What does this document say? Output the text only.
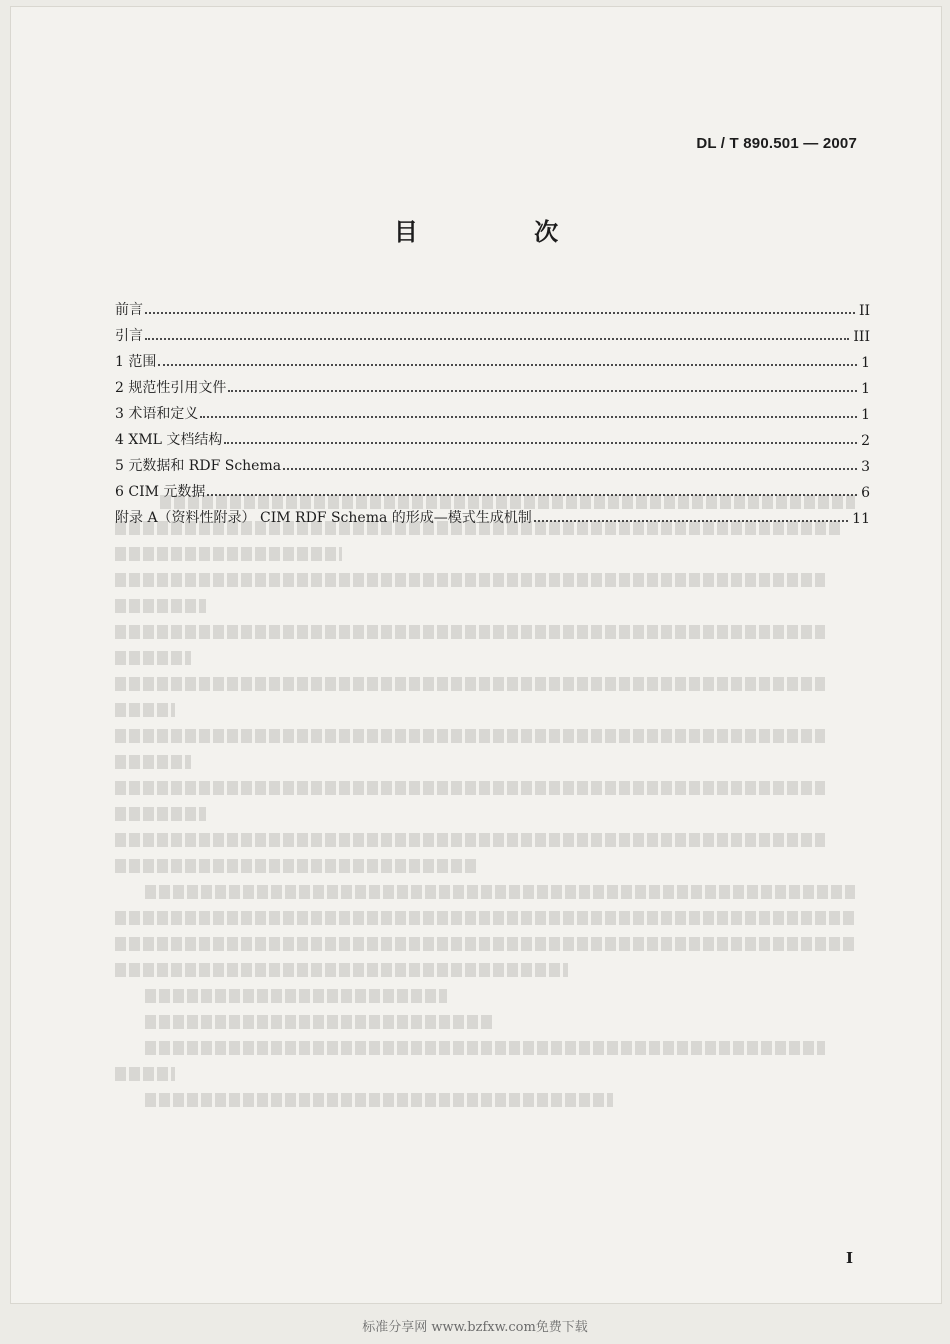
DL / T 890.501 — 2007
目 次
前言	II
引言	III
1 范围	1
2 规范性引用文件	1
3 术语和定义	1
4 XML 文档结构	2
5 元数据和 RDF Schema	3
6 CIM 元数据	6
附录 A（资料性附录） CIM RDF Schema 的形成—模式生成机制	11
I
标准分享网 www.bzfxw.com免费下载
